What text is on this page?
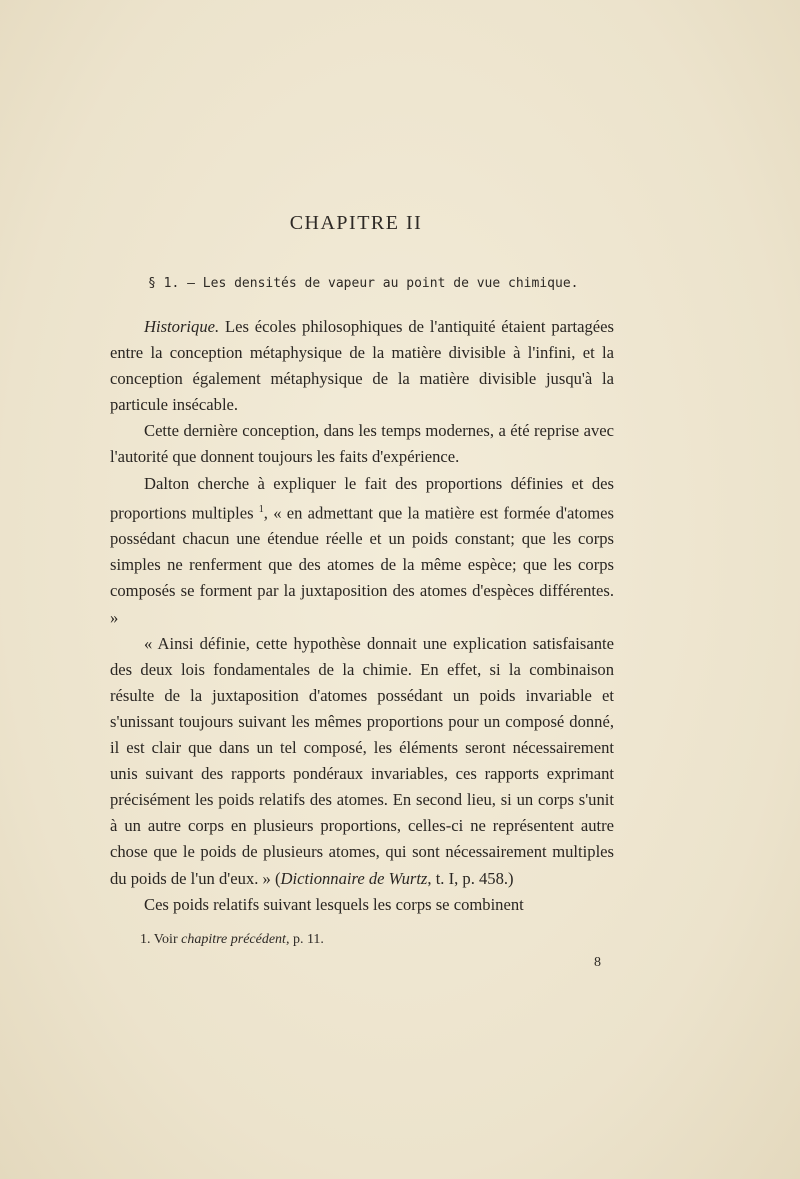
CHAPITRE II
§ 1. — Les densités de vapeur au point de vue chimique.

Historique. Les écoles philosophiques de l'antiquité étaient partagées entre la conception métaphysique de la matière divisible à l'infini, et la conception également métaphysique de la matière divisible jusqu'à la particule insécable.

Cette dernière conception, dans les temps modernes, a été reprise avec l'autorité que donnent toujours les faits d'expérience.

Dalton cherche à expliquer le fait des proportions définies et des proportions multiples $^1$, « en admettant que la matière est formée d'atomes possédant chacun une étendue réelle et un poids constant; que les corps simples ne renferment que des atomes de la même espèce; que les corps composés se forment par la juxtaposition des atomes d'espèces différentes. »

« Ainsi définie, cette hypothèse donnait une explication satisfaisante des deux lois fondamentales de la chimie. En effet, si la combinaison résulte de la juxtaposition d'atomes possédant un poids invariable et s'unissant toujours suivant les mêmes proportions pour un composé donné, il est clair que dans un tel composé, les éléments seront nécessairement unis suivant des rapports pondéraux invariables, ces rapports exprimant précisément les poids relatifs des atomes. En second lieu, si un corps s'unit à un autre corps en plusieurs proportions, celles-ci ne représentent autre chose que le poids de plusieurs atomes, qui sont nécessairement multiples du poids de l'un d'eux. » (Dictionnaire de Wurtz, t. I, p. 458.)

Ces poids relatifs suivant lesquels les corps se combinent

1. Voir chapitre précédent, p. 11.
8
